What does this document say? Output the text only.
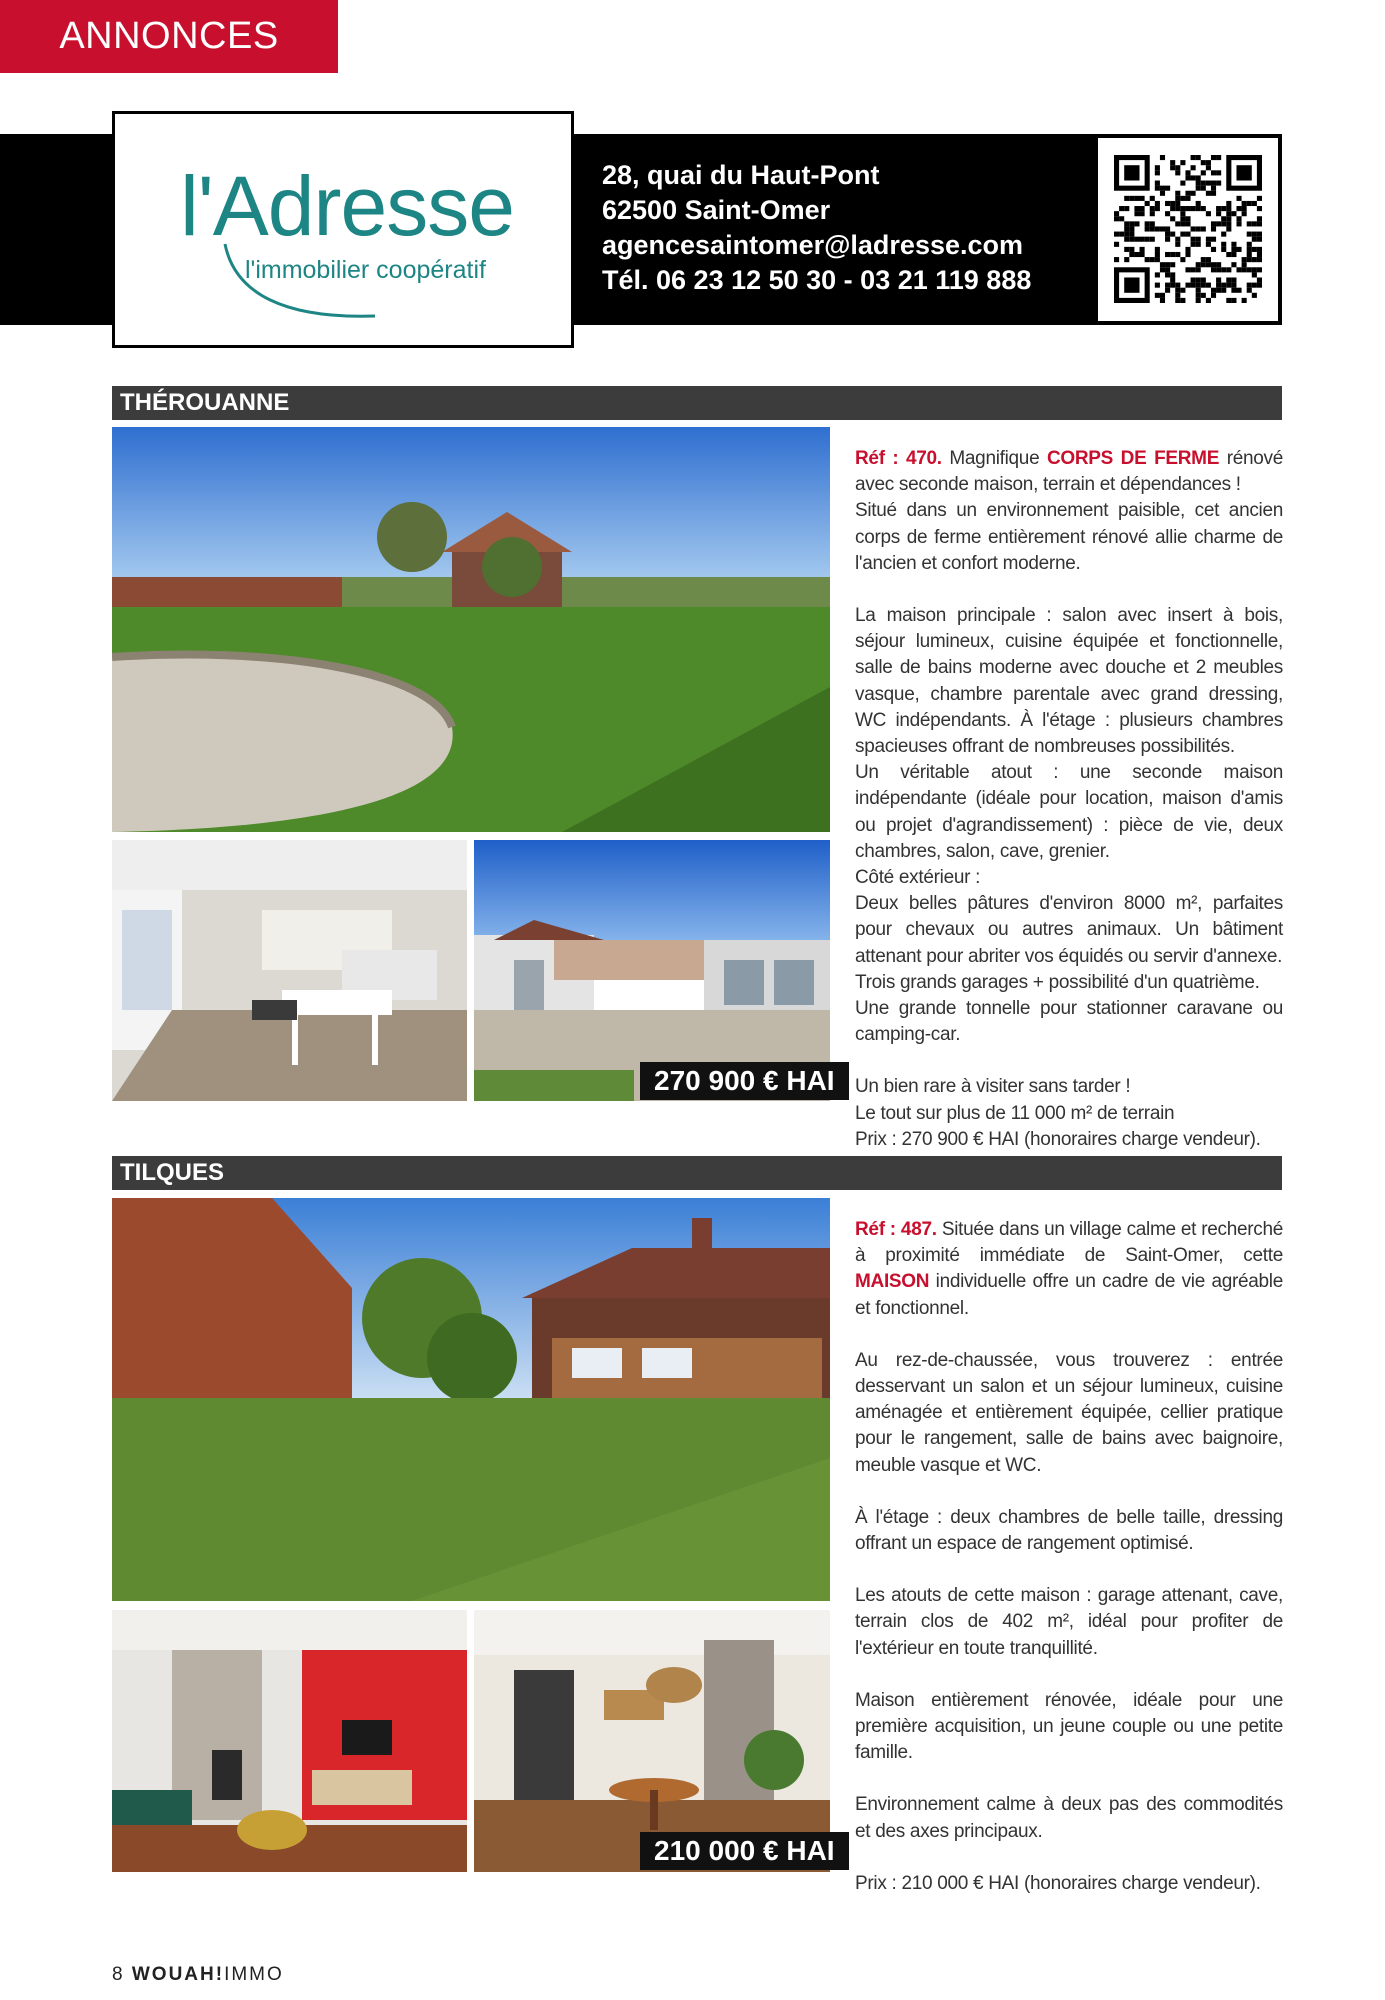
ANNONCES
l'Adresse
l'immobilier coopératif
28, quai du Haut-Pont
62500 Saint-Omer
agencesaintomer@ladresse.com
Tél. 06 23 12 50 30 - 03 21 119 888
THÉROUANNE
270 900 € HAI

Réf : 470. Magnifique CORPS DE FERME rénové avec seconde maison, terrain et dépendances !

Situé dans un environnement paisible, cet ancien corps de ferme entièrement rénové allie charme de l'ancien et confort moderne.

La maison principale : salon avec insert à bois, séjour lumineux, cuisine équipée et fonctionnelle, salle de bains moderne avec douche et 2 meubles vasque, chambre parentale avec grand dressing, WC indépendants. À l'étage : plusieurs chambres spacieuses offrant de nombreuses possibilités.

Un véritable atout : une seconde maison indépendante (idéale pour location, maison d'amis ou projet d'agrandissement) : pièce de vie, deux chambres, salon, cave, grenier.

Côté extérieur :

Deux belles pâtures d'environ 8000 m², parfaites pour chevaux ou autres animaux. Un bâtiment attenant pour abriter vos équidés ou servir d'annexe.

Trois grands garages + possibilité d'un quatrième.

Une grande tonnelle pour stationner caravane ou camping-car.

Un bien rare à visiter sans tarder !

Le tout sur plus de 11 000 m² de terrain

Prix : 270 900 € HAI (honoraires charge vendeur).

TILQUES
210 000 € HAI

Réf : 487. Située dans un village calme et recherché à proximité immédiate de Saint-Omer, cette MAISON individuelle offre un cadre de vie agréable et fonctionnel.

Au rez-de-chaussée, vous trouverez : entrée desservant un salon et un séjour lumineux, cuisine aménagée et entièrement équipée, cellier pratique pour le rangement, salle de bains avec baignoire, meuble vasque et WC.

À l'étage : deux chambres de belle taille, dressing offrant un espace de rangement optimisé.

Les atouts de cette maison : garage attenant, cave, terrain clos de 402 m², idéal pour profiter de l'extérieur en toute tranquillité.

Maison entièrement rénovée, idéale pour une première acquisition, un jeune couple ou une petite famille.

Environnement calme à deux pas des commodités et des axes principaux.

Prix : 210 000 € HAI (honoraires charge vendeur).

8 WOUAH!IMMO
